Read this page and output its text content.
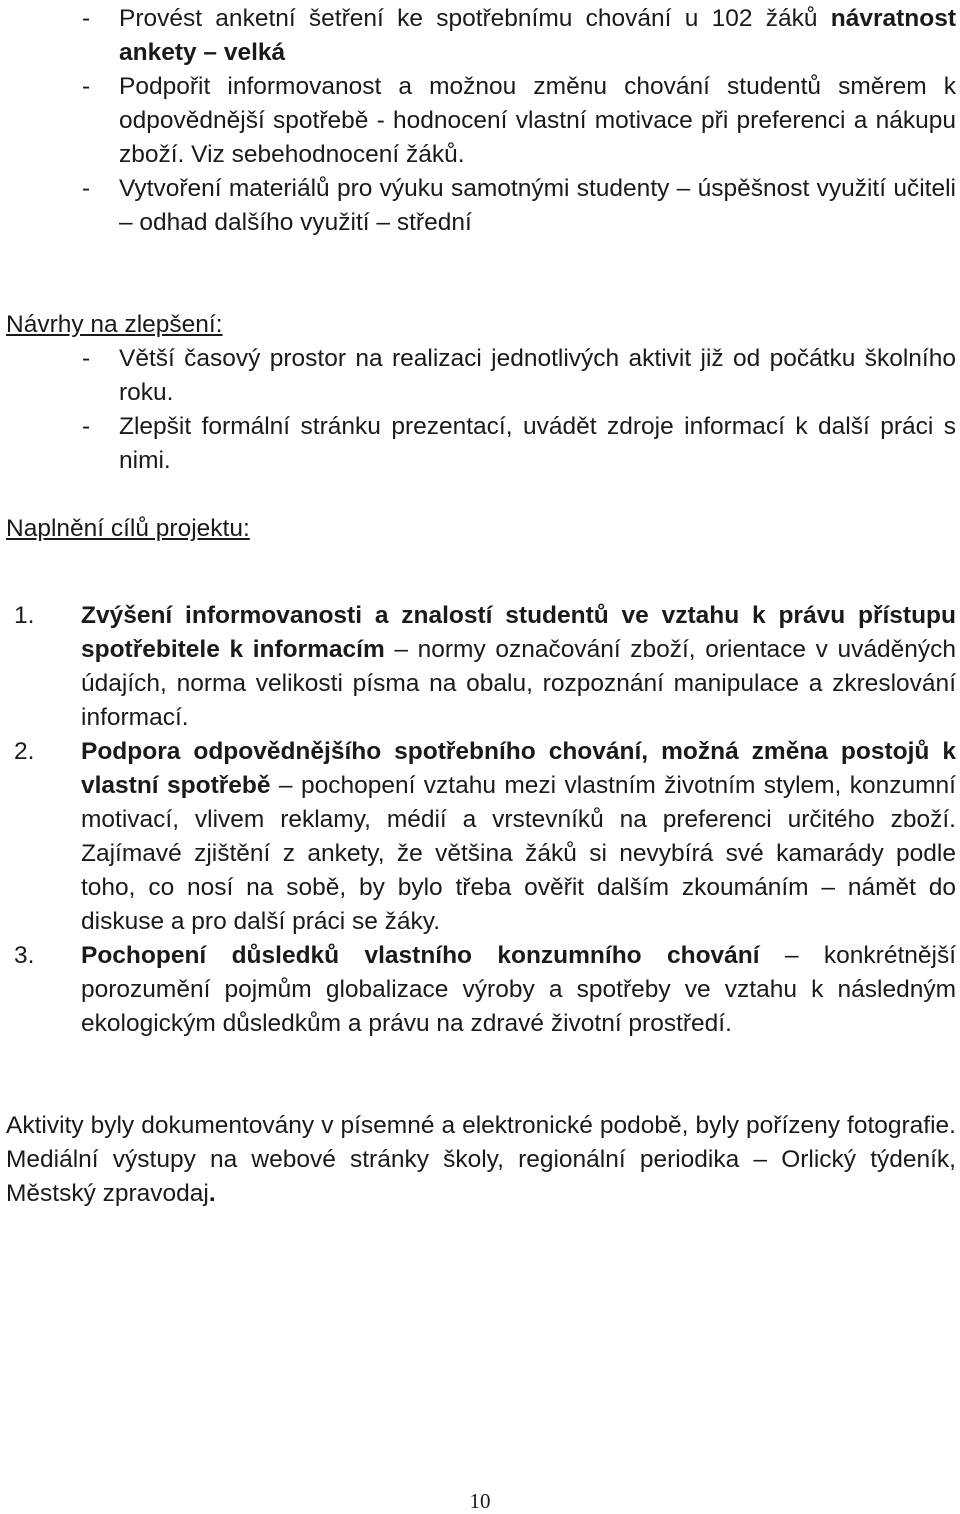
- Provést anketní šetření ke spotřebnímu chování u 102 žáků návratnost ankety – velká
- Podpořit informovanost a možnou změnu chování studentů směrem k odpovědnější spotřebě - hodnocení vlastní motivace při preferenci a nákupu zboží. Viz sebehodnocení žáků.
- Vytvoření materiálů pro výuku samotnými studenty – úspěšnost využití učiteli – odhad dalšího využití – střední
Návrhy na zlepšení:
- Větší časový prostor na realizaci jednotlivých aktivit již od počátku školního roku.
- Zlepšit formální stránku prezentací, uvádět zdroje informací k další práci s nimi.
Naplnění cílů projektu:
1. Zvýšení informovanosti a znalostí studentů ve vztahu k právu přístupu spotřebitele k informacím – normy označování zboží, orientace v uváděných údajích, norma velikosti písma na obalu, rozpoznání manipulace a zkreslování informací.
2. Podpora odpovědnějšího spotřebního chování, možná změna postojů k vlastní spotřebě – pochopení vztahu mezi vlastním životním stylem, konzumní motivací, vlivem reklamy, médií a vrstevníků na preferenci určitého zboží. Zajímavé zjištění z ankety, že většina žáků si nevybírá své kamarády podle toho, co nosí na sobě, by bylo třeba ověřit dalším zkoumáním – námět do diskuse a pro další práci se žáky.
3. Pochopení důsledků vlastního konzumního chování – konkrétnější porozumění pojmům globalizace výroby a spotřeby ve vztahu k následným ekologickým důsledkům a právu na zdravé životní prostředí.

Aktivity byly dokumentovány v písemné a elektronické podobě, byly pořízeny fotografie. Mediální výstupy na webové stránky školy, regionální periodika – Orlický týdeník, Městský zpravodaj.

10
